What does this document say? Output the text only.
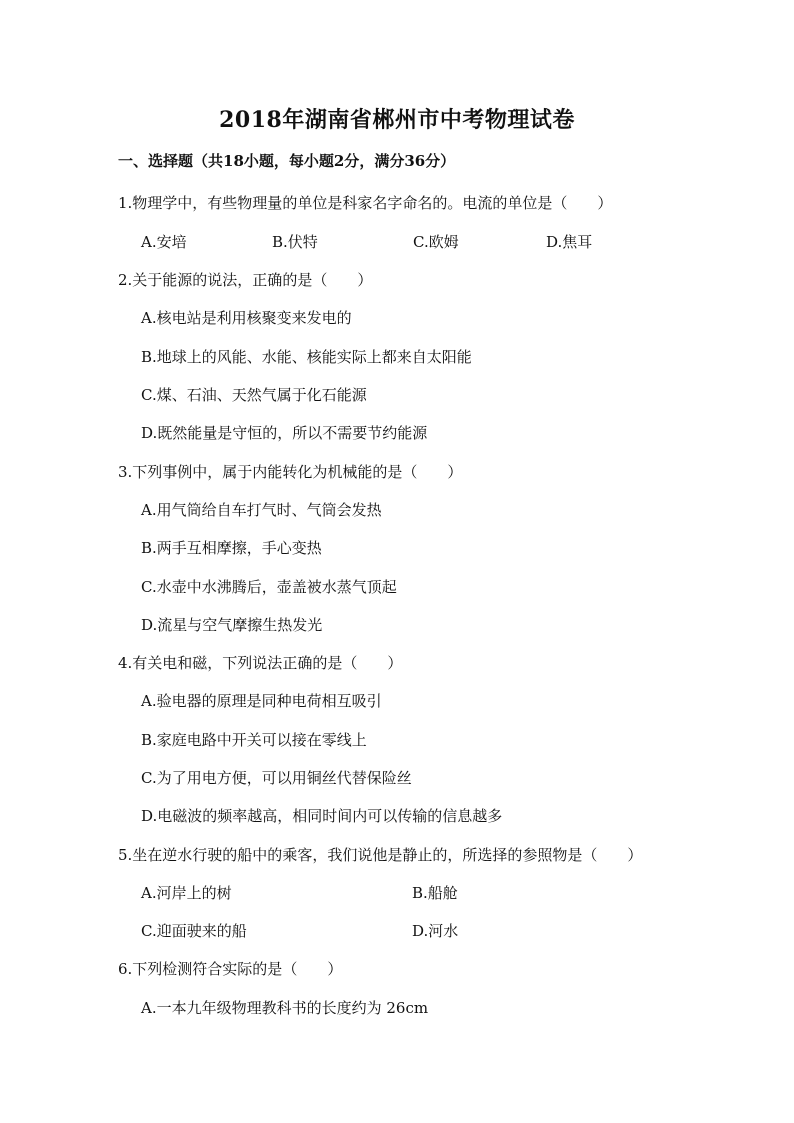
2018年湖南省郴州市中考物理试卷
一、选择题（共18小题，每小题2分，满分36分）
1.物理学中，有些物理量的单位是科家名字命名的。电流的单位是（　　）
A.安培	B.伏特	C.欧姆	D.焦耳
2.关于能源的说法，正确的是（　　）
A.核电站是利用核聚变来发电的
B.地球上的风能、水能、核能实际上都来自太阳能
C.煤、石油、天然气属于化石能源
D.既然能量是守恒的，所以不需要节约能源
3.下列事例中，属于内能转化为机械能的是（　　）
A.用气筒给自车打气时、气筒会发热
B.两手互相摩擦，手心变热
C.水壶中水沸腾后，壶盖被水蒸气顶起
D.流星与空气摩擦生热发光
4.有关电和磁，下列说法正确的是（　　）
A.验电器的原理是同种电荷相互吸引
B.家庭电路中开关可以接在零线上
C.为了用电方便，可以用铜丝代替保险丝
D.电磁波的频率越高，相同时间内可以传输的信息越多
5.坐在逆水行驶的船中的乘客，我们说他是静止的，所选择的参照物是（　　）
A.河岸上的树	B.船舱
C.迎面驶来的船	D.河水
6.下列检测符合实际的是（　　）
A.一本九年级物理教科书的长度约为 26cm
